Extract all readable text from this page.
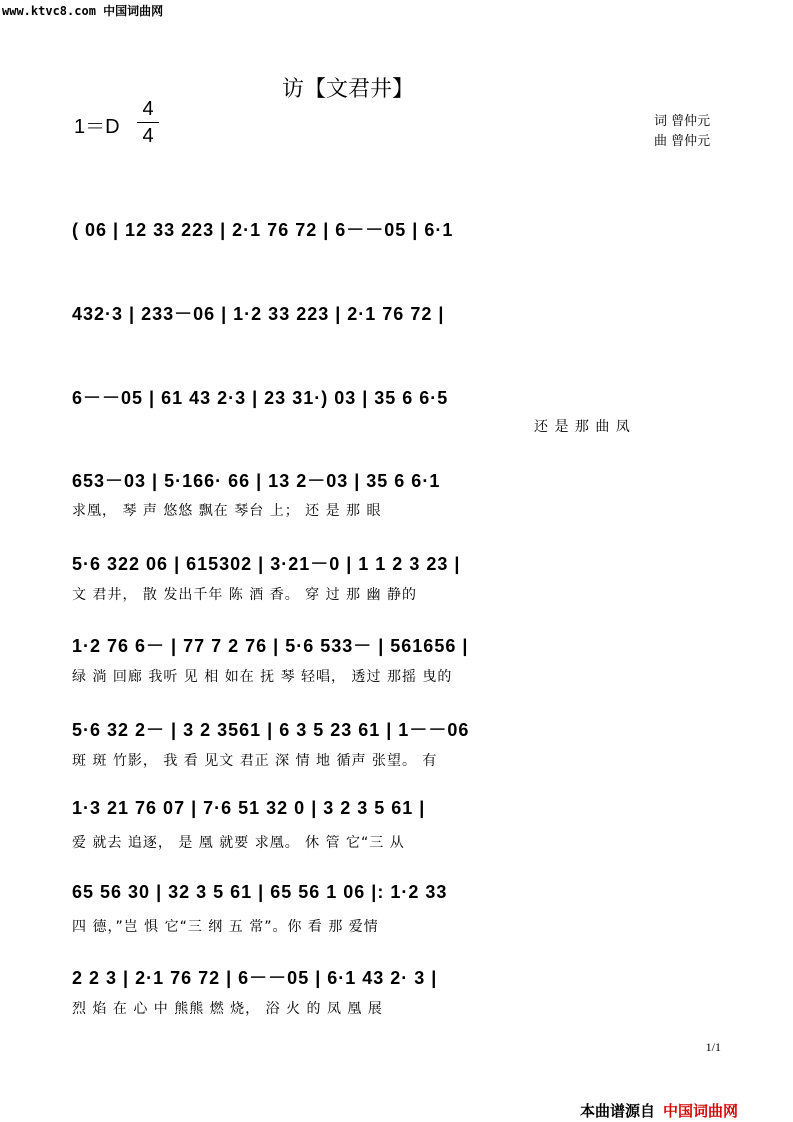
www.ktvc8.com 中国词曲网
访【文君井】
1＝D
4
4
词 曾仲元
曲 曾仲元
( 06 | 12 33 223 | 2·1 76 72 | 6－－05 | 6·1
432·3 | 233－06 | 1·2 33 223 | 2·1 76 72 |
6－－05 | 61 43 2·3 | 23 31·) 03 | 35 6 6·5
还 是 那 曲 凤
653－03 | 5·166· 66 | 13 2－03 | 35 6 6·1
求凰， 琴 声 悠悠 飘在 琴台 上； 还 是 那 眼
5·6 322 06 | 615302 | 3·21－0 | 1 1 2 3 23 |
文 君井， 散 发出千年 陈 酒 香。 穿 过 那 幽 静的
1·2 76 6－ | 77 7 2 76 | 5·6 533－ | 561656 |
绿 淌 回廊 我听 见 相 如在 抚 琴 轻唱， 透过 那摇 曳的
5·6 32 2－ | 3 2 3561 | 6 3 5 23 61 | 1－－06
斑 斑 竹影， 我 看 见文 君正 深 情 地 循声 张望。 有
1·3 21 76 07 | 7·6 51 32 0 | 3 2 3 5 61 |
爱 就去 追逐， 是 凰 就要 求凰。 休 管 它“三 从
65 56 30 | 32 3 5 61 | 65 56 1 06 |: 1·2 33
四 德，”岂 惧 它“三 纲 五 常”。你 看 那 爱情
2 2 3 | 2·1 76 72 | 6－－05 | 6·1 43 2· 3 |
烈 焰 在 心 中 熊熊 燃 烧， 浴 火 的 凤 凰 展
1/1
本曲谱源自 中国词曲网
